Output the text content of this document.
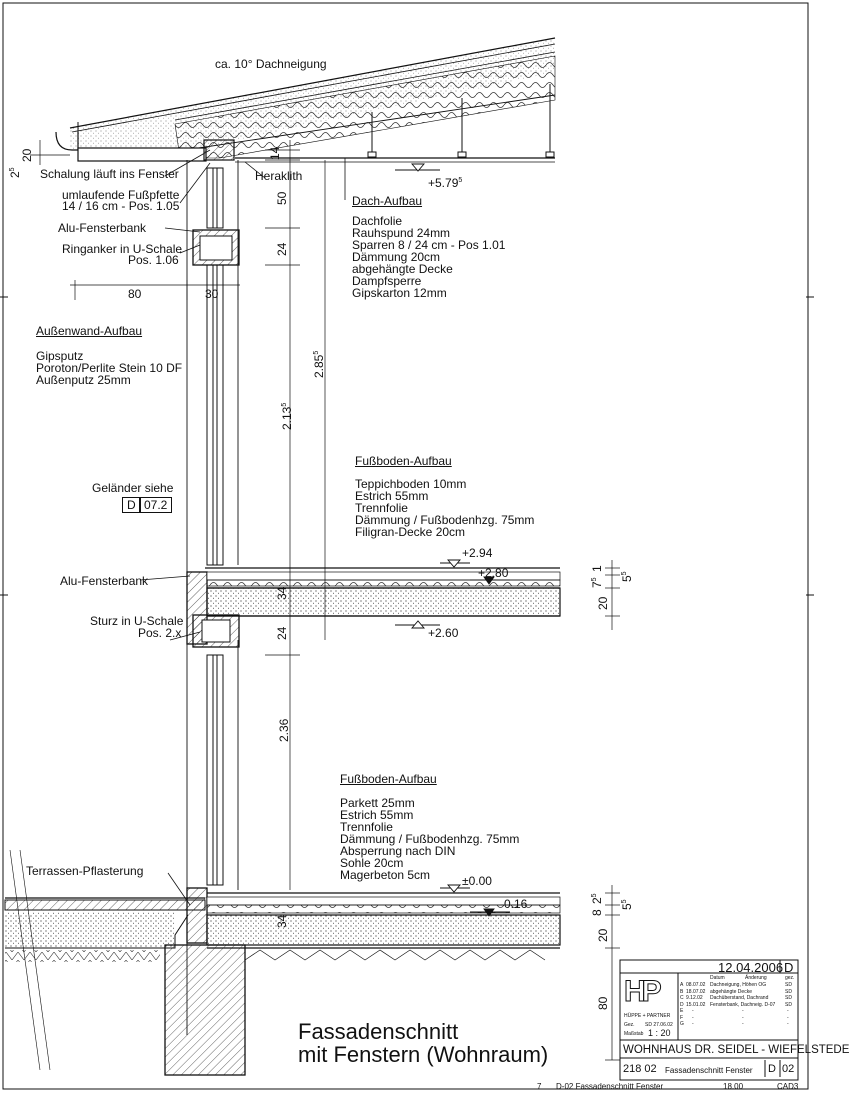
ca. 10° Dachneigung
Schalung läuft ins Fenster
umlaufende Fußpfette
14 / 16 cm - Pos. 1.05
Heraklith
Alu-Fensterbank
Ringanker in U-Schale
Pos. 1.06
Dach-Aufbau
Dachfolie
Rauhspund 24mm
Sparren 8 / 24 cm - Pos 1.01
Dämmung 20cm
abgehängte Decke
Dampfsperre
Gipskarton 12mm
Außenwand-Aufbau
Gipsputz
Poroton/Perlite Stein 10 DF
Außenputz 25mm
Geländer siehe
D 07.2
Alu-Fensterbank
Sturz in U-Schale
Pos. 2.x
Terrassen-Pflasterung
Fußboden-Aufbau
Teppichboden 10mm
Estrich 55mm
Trennfolie
Dämmung / Fußbodenhzg. 75mm
Filigran-Decke 20cm
Fußboden-Aufbau
Parkett 25mm
Estrich 55mm
Trennfolie
Dämmung / Fußbodenhzg. 75mm
Absperrung nach DIN
Sohle 20cm
Magerbeton 5cm
$+5.79^5$
+2.94
+2.80
+2.60
±0.00
-0.16
20
$2^5$
14
50
24
80	30
2.13$^5$
2.85$^5$
34
24
2.36
34
1
$7^5$	$5^5$
20
$2^5$
8
$5^5$
20
80
Fassadenschnitt
mit Fenstern (Wohnraum)
12.04.2006 D
HP
HÜPPE + PARTNER
Gez. SD 27.06.02
Maßstab 1 : 20
Datum	Änderung	gez.
A 08.07.02 Dachneigung, Höhen OG	SD
B 18.07.02 abgehängte Decke	SD
C 9.12.02 Dachüberstand, Dachrand	SD
D 15.01.02 Fensterbank, Dachneig. D-07 SD
E -	-	-
F -	-	-
G -	-	-
WOHNHAUS DR. SEIDEL - WIEFELSTEDE
218 02 Fassadenschnitt Fenster D 02
7 D-02 Fassadenschnitt Fenster	18.00	CAD3
